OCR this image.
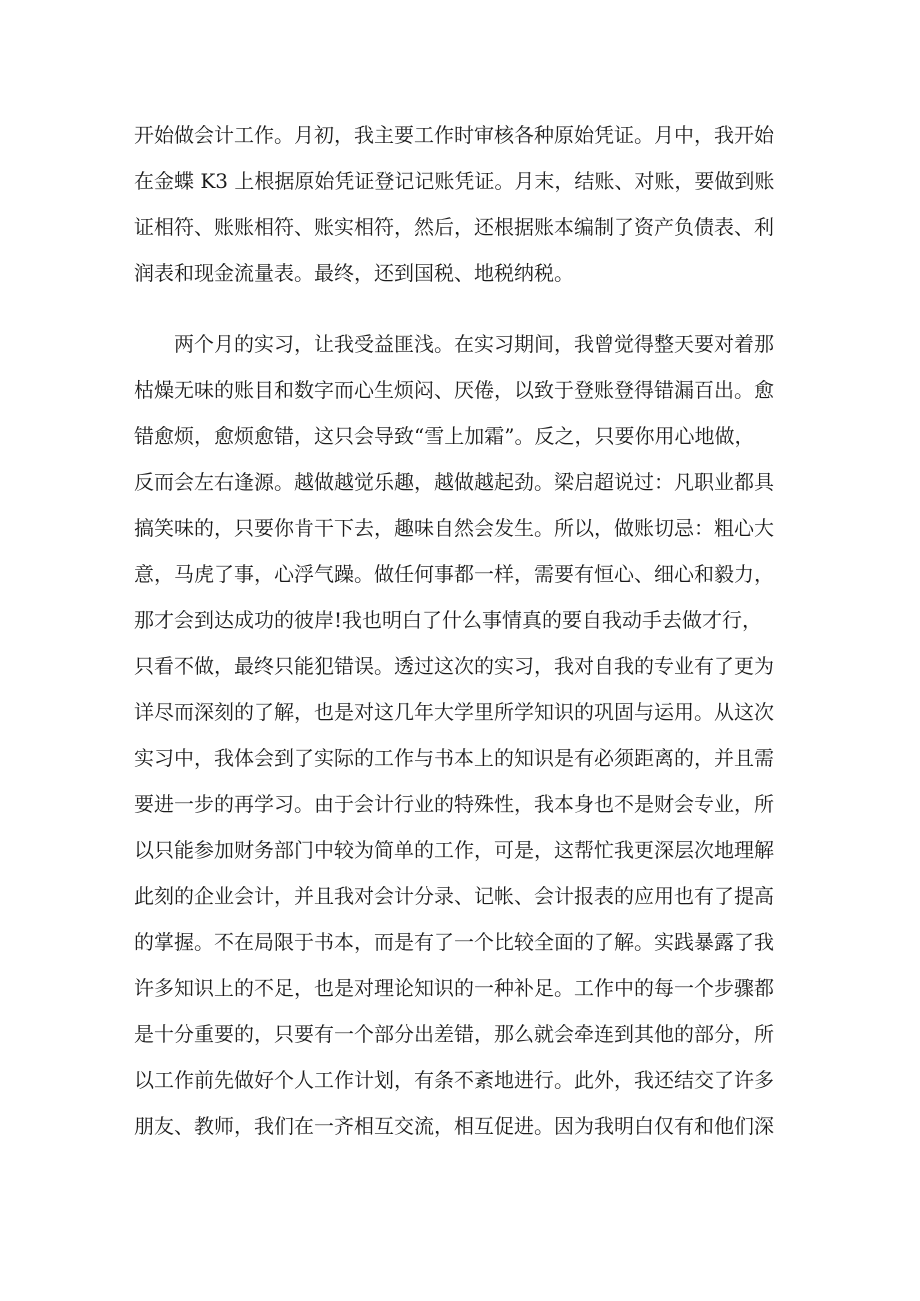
开始做会计工作。月初，我主要工作时审核各种原始凭证。月中，我开始
在金蝶 K3 上根据原始凭证登记记账凭证。月末，结账、对账，要做到账
证相符、账账相符、账实相符，然后，还根据账本编制了资产负债表、利
润表和现金流量表。最终，还到国税、地税纳税。
　　两个月的实习，让我受益匪浅。在实习期间，我曾觉得整天要对着那
枯燥无味的账目和数字而心生烦闷、厌倦，以致于登账登得错漏百出。愈
错愈烦，愈烦愈错，这只会导致“雪上加霜”。反之，只要你用心地做，
反而会左右逢源。越做越觉乐趣，越做越起劲。梁启超说过：凡职业都具
搞笑味的，只要你肯干下去，趣味自然会发生。所以，做账切忌：粗心大
意，马虎了事，心浮气躁。做任何事都一样，需要有恒心、细心和毅力，
那才会到达成功的彼岸!我也明白了什么事情真的要自我动手去做才行，
只看不做，最终只能犯错误。透过这次的实习，我对自我的专业有了更为
详尽而深刻的了解，也是对这几年大学里所学知识的巩固与运用。从这次
实习中，我体会到了实际的工作与书本上的知识是有必须距离的，并且需
要进一步的再学习。由于会计行业的特殊性，我本身也不是财会专业，所
以只能参加财务部门中较为简单的工作，可是，这帮忙我更深层次地理解
此刻的企业会计，并且我对会计分录、记帐、会计报表的应用也有了提高
的掌握。不在局限于书本，而是有了一个比较全面的了解。实践暴露了我
许多知识上的不足，也是对理论知识的一种补足。工作中的每一个步骤都
是十分重要的，只要有一个部分出差错，那么就会牵连到其他的部分，所
以工作前先做好个人工作计划，有条不紊地进行。此外，我还结交了许多
朋友、教师，我们在一齐相互交流，相互促进。因为我明白仅有和他们深
